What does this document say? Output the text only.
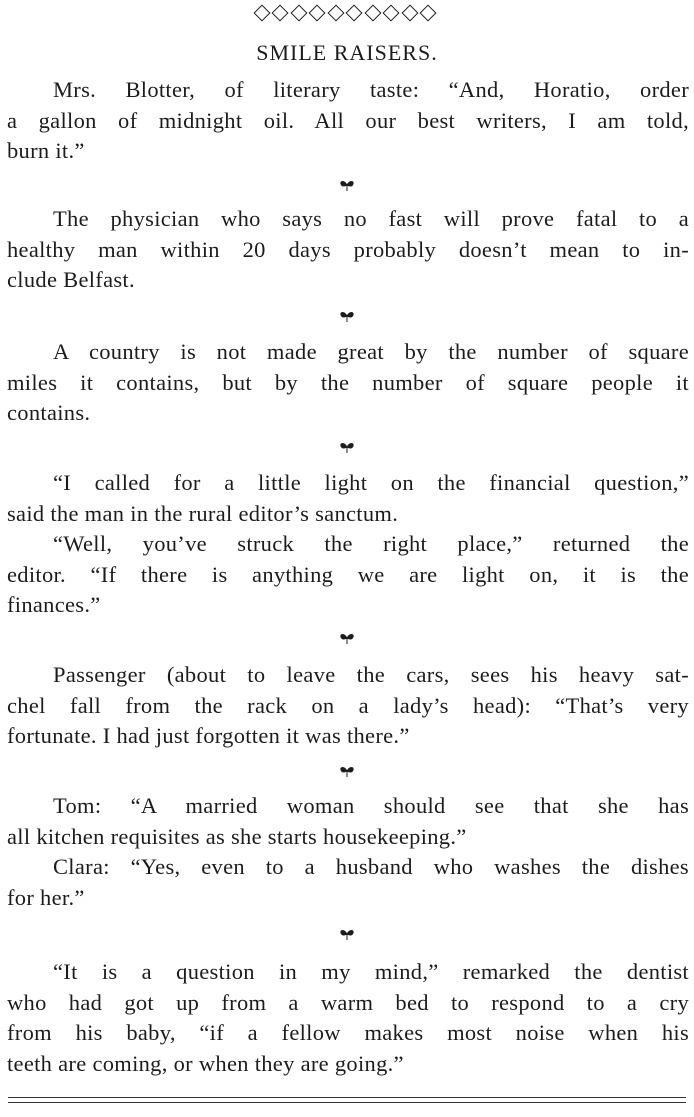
SMILE RAISERS.
Mrs. Blotter, of literary taste: “And, Horatio, order
a gallon of midnight oil. All our best writers, I am told,
burn it.”
The physician who says no fast will prove fatal to a
healthy man within 20 days probably doesn’t mean to in-
clude Belfast.
A country is not made great by the number of square
miles it contains, but by the number of square people it
contains.
“I called for a little light on the financial question,”
said the man in the rural editor’s sanctum.
“Well, you’ve struck the right place,” returned the
editor. “If there is anything we are light on, it is the
finances.”
Passenger (about to leave the cars, sees his heavy sat-
chel fall from the rack on a lady’s head): “That’s very
fortunate. I had just forgotten it was there.”
Tom: “A married woman should see that she has
all kitchen requisites as she starts housekeeping.”
Clara: “Yes, even to a husband who washes the dishes
for her.”
“It is a question in my mind,” remarked the dentist
who had got up from a warm bed to respond to a cry
from his baby, “if a fellow makes most noise when his
teeth are coming, or when they are going.”
